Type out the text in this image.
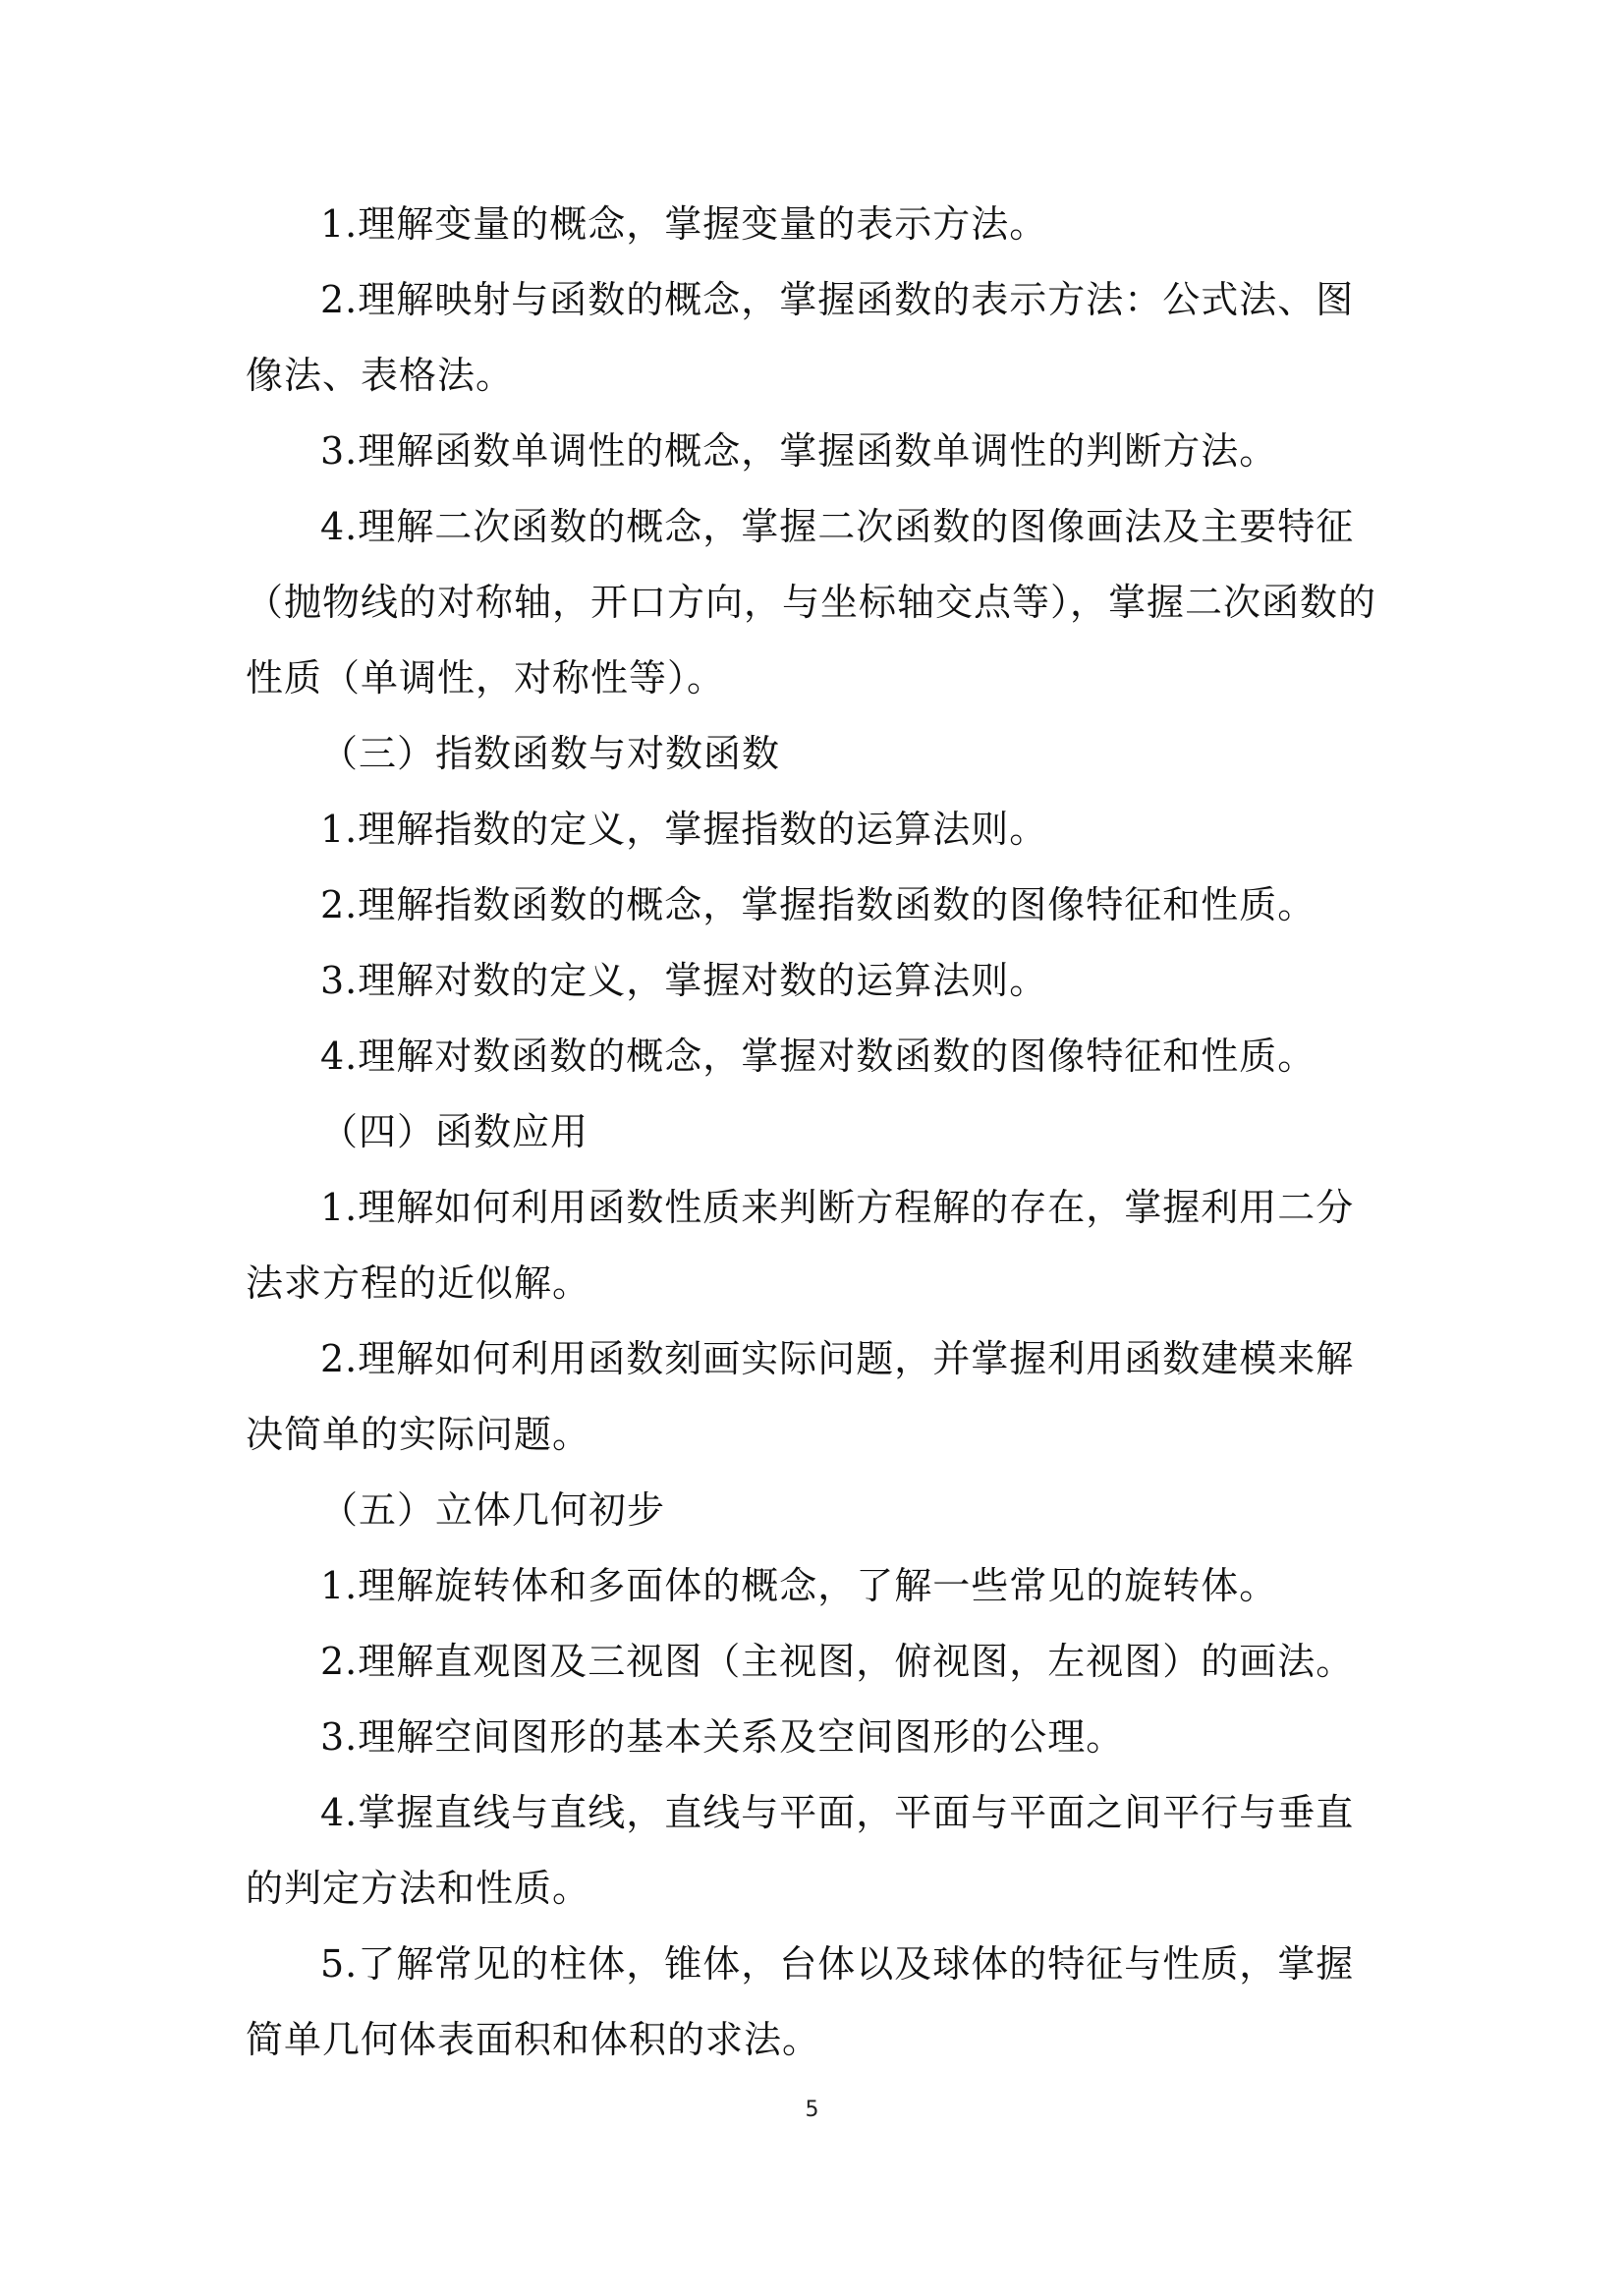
1.理解变量的概念，掌握变量的表示方法。

2.理解映射与函数的概念，掌握函数的表示方法：公式法、图像法、表格法。

3.理解函数单调性的概念，掌握函数单调性的判断方法。

4.理解二次函数的概念，掌握二次函数的图像画法及主要特征（抛物线的对称轴，开口方向，与坐标轴交点等），掌握二次函数的性质（单调性，对称性等）。

（三）指数函数与对数函数

1.理解指数的定义，掌握指数的运算法则。

2.理解指数函数的概念，掌握指数函数的图像特征和性质。

3.理解对数的定义，掌握对数的运算法则。

4.理解对数函数的概念，掌握对数函数的图像特征和性质。

（四）函数应用

1.理解如何利用函数性质来判断方程解的存在，掌握利用二分法求方程的近似解。

2.理解如何利用函数刻画实际问题，并掌握利用函数建模来解决简单的实际问题。

（五）立体几何初步

1.理解旋转体和多面体的概念，了解一些常见的旋转体。

2.理解直观图及三视图（主视图，俯视图，左视图）的画法。

3.理解空间图形的基本关系及空间图形的公理。

4.掌握直线与直线，直线与平面，平面与平面之间平行与垂直的判定方法和性质。

5.了解常见的柱体，锥体，台体以及球体的特征与性质，掌握简单几何体表面积和体积的求法。

5
